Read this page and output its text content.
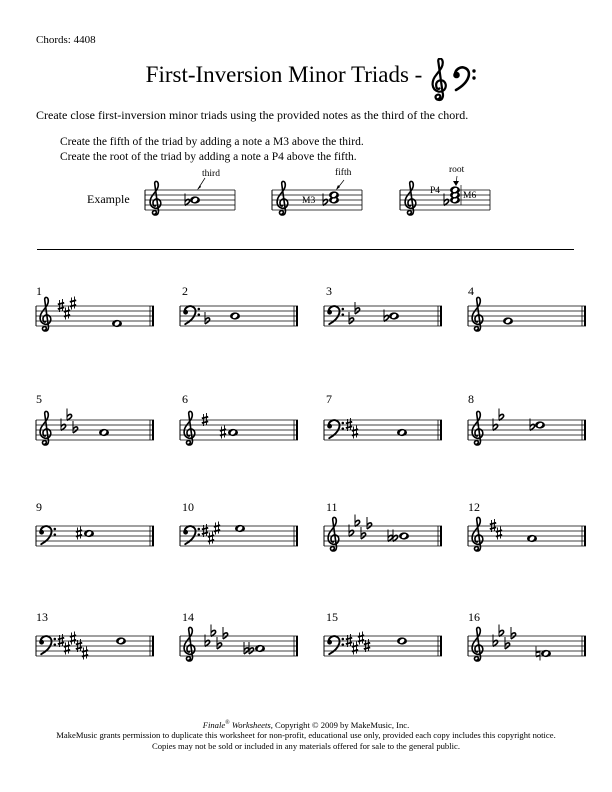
Chords: 4408
First-Inversion Minor Triads -
Create close first-inversion minor triads using the provided notes as the third of the chord.
Create the fifth of the triad by adding a note a M3 above the third.
Create the root of the triad by adding a note a P4 above the fifth.
Example
third
M3
fifth
P4 M6
root
1	2	3	4
5	6	7	8
9	10	11	12
13	14	15	16
Finale® Worksheets, Copyright © 2009 by MakeMusic, Inc.
MakeMusic grants permission to duplicate this worksheet for non-profit, educational use only, provided each copy includes this copyright notice.
Copies may not be sold or included in any materials offered for sale to the general public.
